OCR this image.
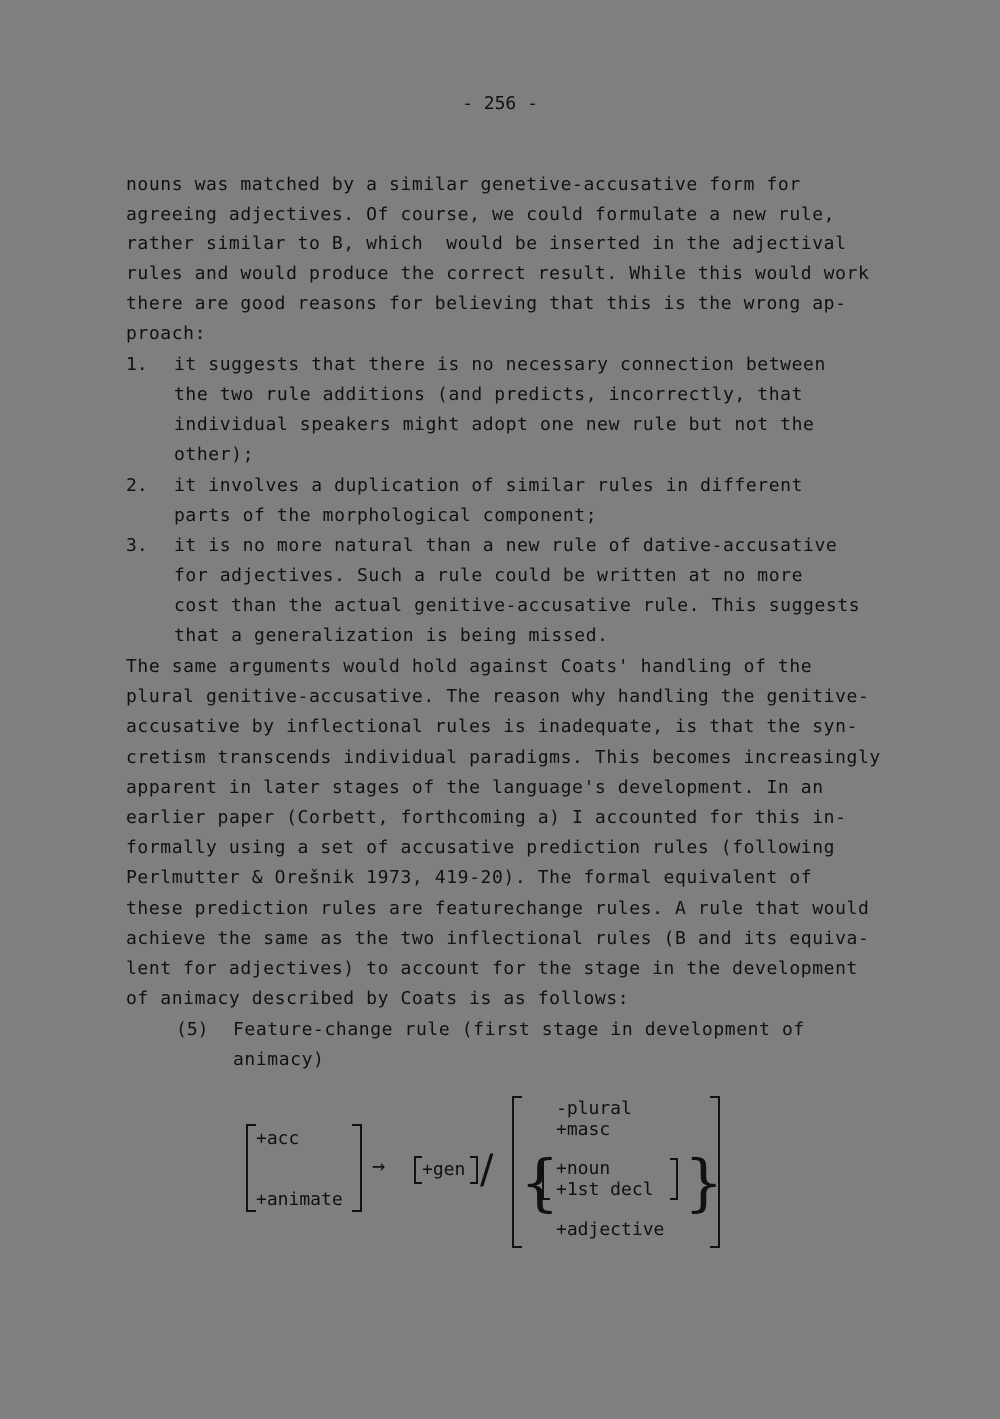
- 256 -
nouns was matched by a similar genetive-accusative form for
agreeing adjectives. Of course, we could formulate a new rule,
rather similar to B, which  would be inserted in the adjectival
rules and would produce the correct result. While this would work
there are good reasons for believing that this is the wrong ap-
proach:
1. it suggests that there is no necessary connection between
the two rule additions (and predicts, incorrectly, that
individual speakers might adopt one new rule but not the
other);
2. it involves a duplication of similar rules in different
parts of the morphological component;
3. it is no more natural than a new rule of dative-accusative
for adjectives. Such a rule could be written at no more
cost than the actual genitive-accusative rule. This suggests
that a generalization is being missed.
The same arguments would hold against Coats' handling of the
plural genitive-accusative. The reason why handling the genitive-
accusative by inflectional rules is inadequate, is that the syn-
cretism transcends individual paradigms. This becomes increasingly
apparent in later stages of the language's development. In an
earlier paper (Corbett, forthcoming a) I accounted for this in-
formally using a set of accusative prediction rules (following
Perlmutter & Orešnik 1973, 419-20). The formal equivalent of
these prediction rules are featurechange rules. A rule that would
achieve the same as the two inflectional rules (B and its equiva-
lent for adjectives) to account for the stage in the development
of animacy described by Coats is as follows:
(5) Feature-change rule (first stage in development of
animacy)
+acc
+animate
→ +gen /
-plural
+masc
{ }
+noun
+1st decl
+adjective
